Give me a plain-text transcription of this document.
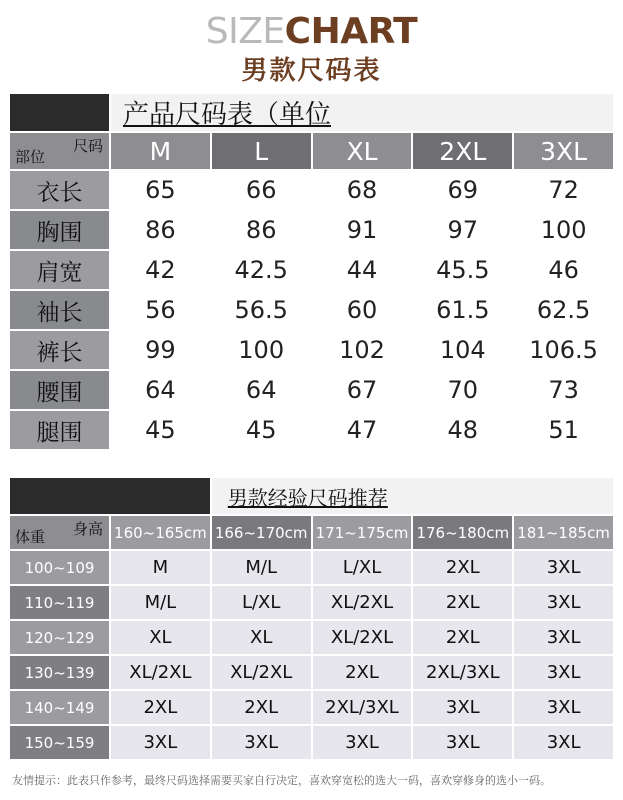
SIZECHART
男款尺码表
	产品尺码表（单位				

尺码
部位	M	L	XL	2XL	3XL
衣长	65	66	68	69	72
胸围	86	86	91	97	100
肩宽	42	42.5	44	45.5	46
袖长	56	56.5	60	61.5	62.5
裤长	99	100	102	104	106.5
腰围	64	64	67	70	73
腿围	45	45	47	48	51
		男款经验尺码推荐			

身高
体重	160~165cm	166~170cm	171~175cm	176~180cm	181~185cm
100~109	M	M/L	L/XL	2XL	3XL
110~119	M/L	L/XL	XL/2XL	2XL	3XL
120~129	XL	XL	XL/2XL	2XL	3XL
130~139	XL/2XL	XL/2XL	2XL	2XL/3XL	3XL
140~149	2XL	2XL	2XL/3XL	3XL	3XL
150~159	3XL	3XL	3XL	3XL	3XL
友情提示：此表只作参考，最终尺码选择需要买家自行决定，喜欢穿宽松的选大一码，喜欢穿修身的选小一码。
